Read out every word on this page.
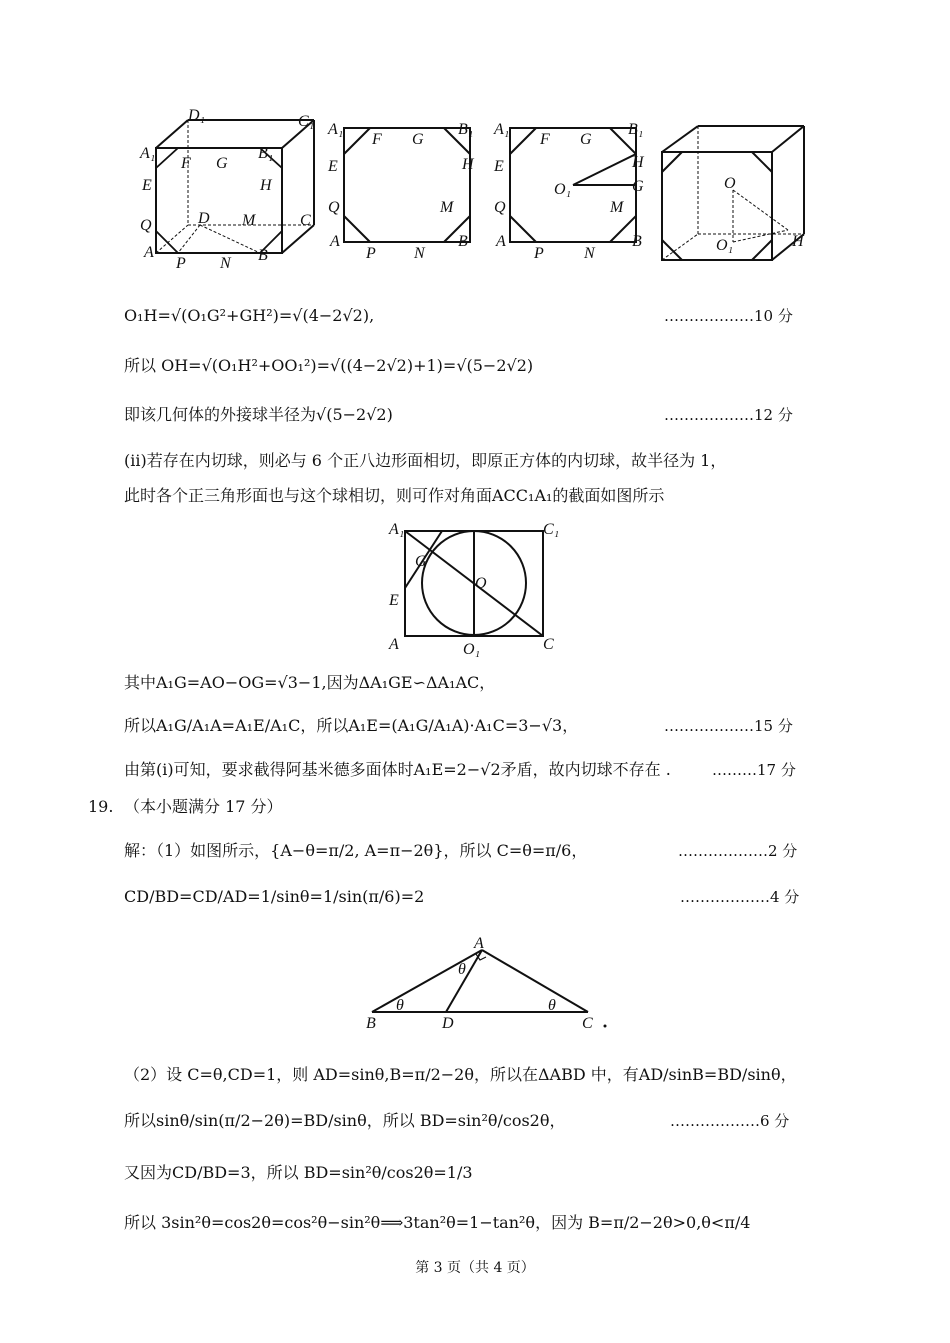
D₁	C₁
A₁	B₁
F G
E	H
Q	D M	C
A
P N B
A₁	B₁
F G
E	H
Q	M
A
P N
B
A₁	B₁
F G
E	H
O₁	G
Q	M
A
P	N
B
O
O₁	H
O₁H=√(O₁G²+GH²)=√(4−2√2),	………………10 分
所以 OH=√(O₁H²+OO₁²)=√((4−2√2)+1)=√(5−2√2)
即该几何体的外接球半径为√(5−2√2)	………………12 分
(ii)若存在内切球，则必与 6 个正八边形面相切，即原正方体的内切球，故半径为 1，
此时各个正三角形面也与这个球相切，则可作对角面ACC₁A₁的截面如图所示
A₁	C₁
G
O
E
A	O₁	C
其中A₁G=AO−OG=√3−1,因为ΔA₁GE∽ΔA₁AC，
所以A₁G/A₁A=A₁E/A₁C，所以A₁E=(A₁G/A₁A)·A₁C=3−√3，	………………15 分
由第(i)可知，要求截得阿基米德多面体时A₁E=2−√2矛盾，故内切球不存在 .	………17 分
19. （本小题满分 17 分）
解：（1）如图所示，{A−θ=π/2, A=π−2θ}，所以 C=θ=π/6，	………………2 分
CD/BD=CD/AD=1/sinθ=1/sin(π/6)=2	………………4 分
A
θ
θ	θ
B	D	C
（2）设 C=θ,CD=1，则 AD=sinθ,B=π/2−2θ，所以在ΔABD 中，有AD/sinB=BD/sinθ，
所以sinθ/sin(π/2−2θ)=BD/sinθ，所以 BD=sin²θ/cos2θ，	………………6 分
又因为CD/BD=3，所以 BD=sin²θ/cos2θ=1/3
所以 3sin²θ=cos2θ=cos²θ−sin²θ⟹3tan²θ=1−tan²θ，因为 B=π/2−2θ>0,θ<π/4
第 3 页（共 4 页）
